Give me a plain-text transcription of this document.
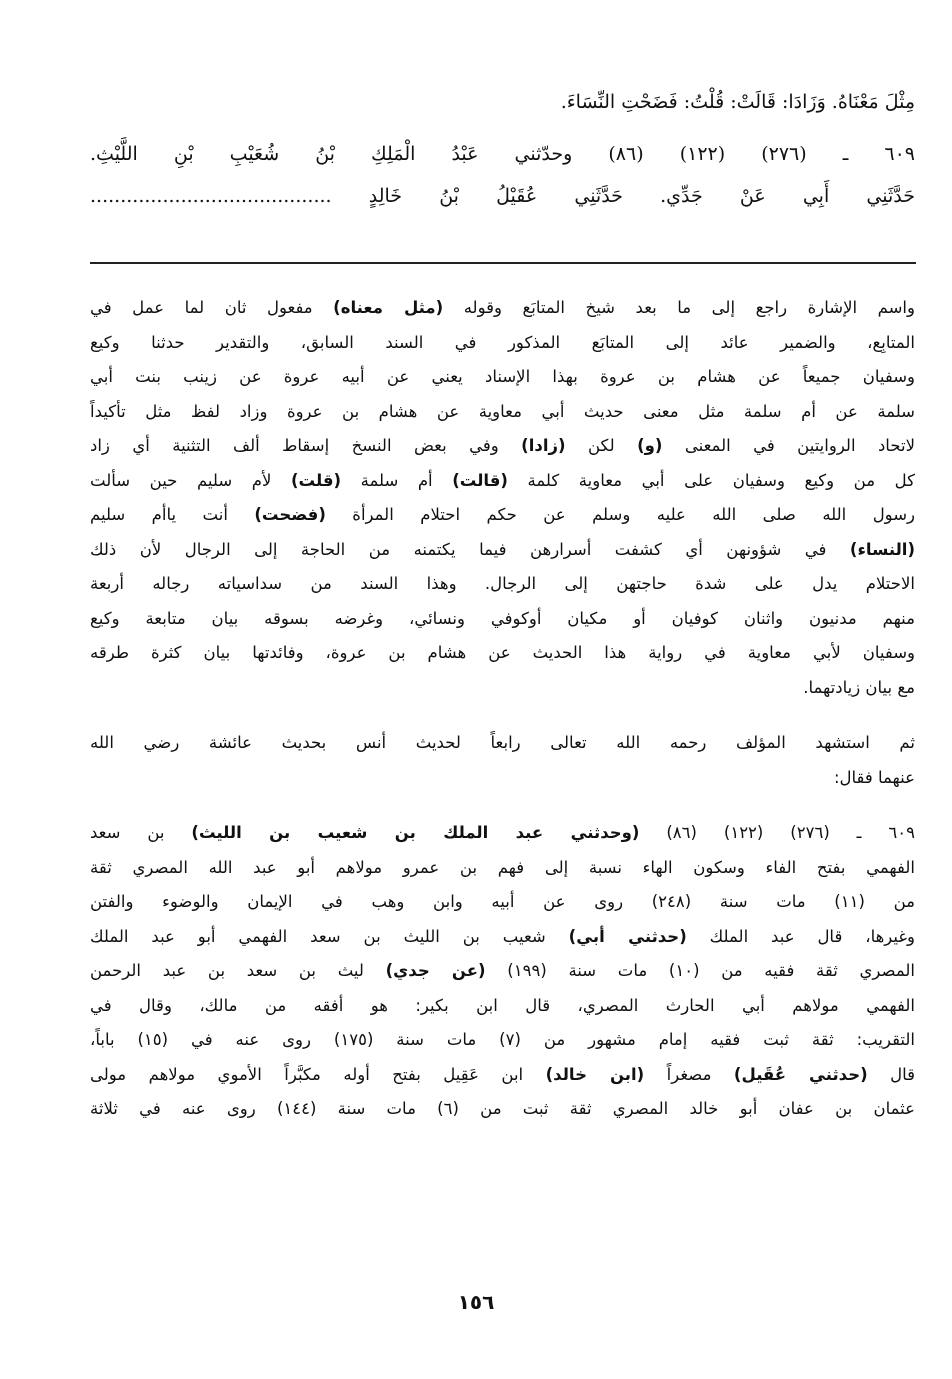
مِثْلَ مَعْنَاهُ. وَزَادَا: قَالَتْ: قُلْتُ: فَضَحْتِ النِّسَاءَ.
٦٠٩ ـ (٢٧٦) (١٢٢) (٨٦) وحدّثني عَبْدُ الْمَلِكِ بْنُ شُعَيْبِ بْنِ اللَّيْثِ.
حَدَّثَنِي أَبِي عَنْ جَدِّي. حَدَّثَنِي عُقَيْلُ بْنُ خَالِدٍ ........................................
واسم الإشارة راجع إلى ما بعد شيخ المتابَع وقوله (مثل معناه) مفعول ثان لما عمل في
المتابِع، والضمير عائد إلى المتابَع المذكور في السند السابق، والتقدير حدثنا وكيع
وسفيان جميعاً عن هشام بن عروة بهذا الإسناد يعني عن أبيه عروة عن زينب بنت أبي
سلمة عن أم سلمة مثل معنى حديث أبي معاوية عن هشام بن عروة وزاد لفظ مثل تأكيداً
لاتحاد الروايتين في المعنى (و) لكن (زادا) وفي بعض النسخ إسقاط ألف التثنية أي زاد
كل من وكيع وسفيان على أبي معاوية كلمة (قالت) أم سلمة (قلت) لأم سليم حين سألت
رسول الله صلى الله عليه وسلم عن حكم احتلام المرأة (فضحت) أنت ياأم سليم
(النساء) في شؤونهن أي كشفت أسرارهن فيما يكتمنه من الحاجة إلى الرجال لأن ذلك
الاحتلام يدل على شدة حاجتهن إلى الرجال. وهذا السند من سداسياته رجاله أربعة
منهم مدنيون واثنان كوفيان أو مكيان أوكوفي ونسائي، وغرضه بسوقه بيان متابعة وكيع
وسفيان لأبي معاوية في رواية هذا الحديث عن هشام بن عروة، وفائدتها بيان كثرة طرقه
مع بيان زيادتهما.
ثم استشهد المؤلف رحمه الله تعالى رابعاً لحديث أنس بحديث عائشة رضي الله
عنهما فقال:
٦٠٩ ـ (٢٧٦) (١٢٢) (٨٦) (وحدثني عبد الملك بن شعيب بن الليث) بن سعد
الفهمي بفتح الفاء وسكون الهاء نسبة إلى فهم بن عمرو مولاهم أبو عبد الله المصري ثقة
من (١١) مات سنة (٢٤٨) روى عن أبيه وابن وهب في الإيمان والوضوء والفتن
وغيرها، قال عبد الملك (حدثني أبي) شعيب بن الليث بن سعد الفهمي أبو عبد الملك
المصري ثقة فقيه من (١٠) مات سنة (١٩٩) (عن جدي) ليث بن سعد بن عبد الرحمن
الفهمي مولاهم أبي الحارث المصري، قال ابن بكير: هو أفقه من مالك، وقال في
التقريب: ثقة ثبت فقيه إمام مشهور من (٧) مات سنة (١٧٥) روى عنه في (١٥) باباً،
قال (حدثني عُقَيل) مصغراً (ابن خالد) ابن عَقِيل بفتح أوله مكبَّراً الأموي مولاهم مولى
عثمان بن عفان أبو خالد المصري ثقة ثبت من (٦) مات سنة (١٤٤) روى عنه في ثلاثة
١٥٦
